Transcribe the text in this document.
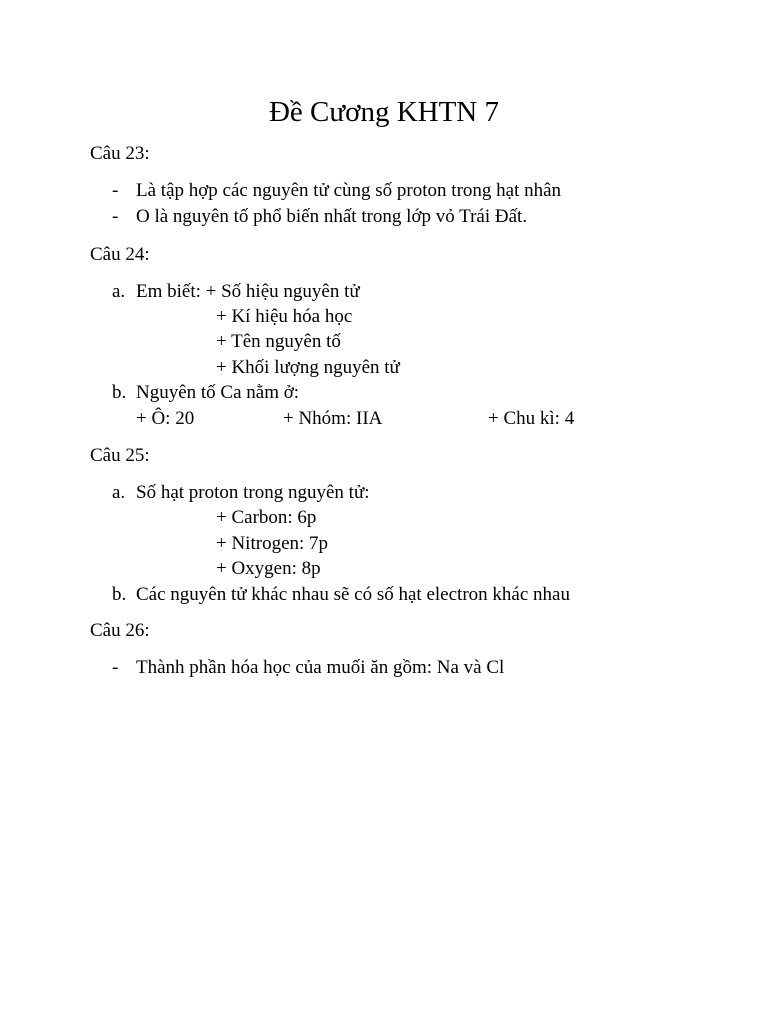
Đề Cương KHTN 7
Câu 23:
- Là tập hợp các nguyên tử cùng số proton trong hạt nhân
- O là nguyên tố phổ biến nhất trong lớp vỏ Trái Đất.
Câu 24:
a. Em biết: + Số hiệu nguyên tử
+ Kí hiệu hóa học
+ Tên nguyên tố
+ Khối lượng nguyên tử
b. Nguyên tố Ca nằm ở:
+ Ô: 20	+ Nhóm: IIA	+ Chu kì: 4
Câu 25:
a. Số hạt proton trong nguyên tử:
+ Carbon: 6p
+ Nitrogen: 7p
+ Oxygen: 8p
b. Các nguyên tử khác nhau sẽ có số hạt electron khác nhau
Câu 26:
- Thành phần hóa học của muối ăn gồm: Na và Cl
